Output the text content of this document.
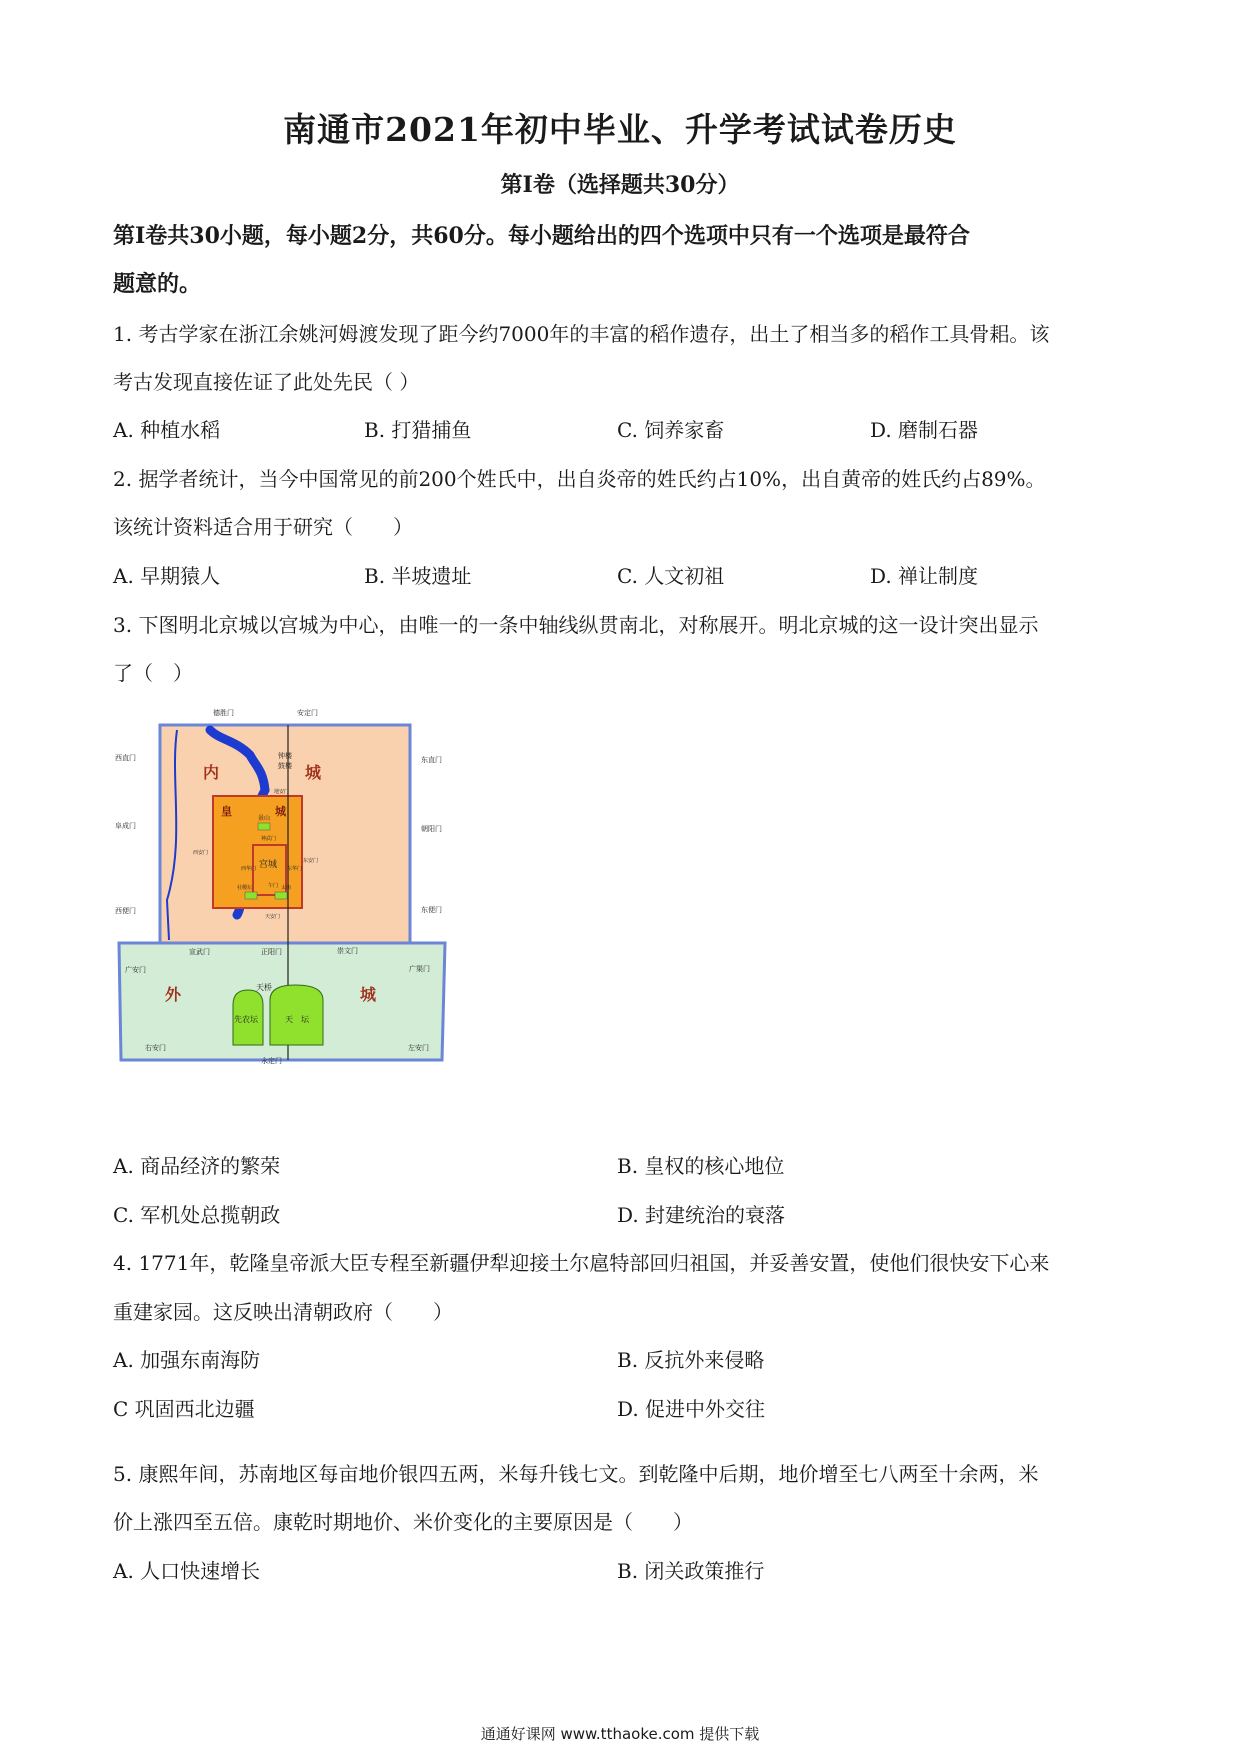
南通市2021年初中毕业、升学考试试卷历史
第Ⅰ卷（选择题共30分）
第Ⅰ卷共30小题，每小题2分，共60分。每小题给出的四个选项中只有一个选项是最符合
题意的。
1. 考古学家在浙江余姚河姆渡发现了距今约7000年的丰富的稻作遗存，出土了相当多的稻作工具骨耜。该
考古发现直接佐证了此处先民（ ）
A. 种植水稻	B. 打猎捕鱼	C. 饲养家畜	D. 磨制石器
2. 据学者统计，当今中国常见的前200个姓氏中，出自炎帝的姓氏约占10%，出自黄帝的姓氏约占89%。
该统计资料适合用于研究（　　）
A. 早期猿人	B. 半坡遗址	C. 人文初祖	D. 禅让制度
3. 下图明北京城以宫城为中心，由唯一的一条中轴线纵贯南北，对称展开。明北京城的这一设计突出显示
了（　）
内	城
皇	城
宫城
外	城
钟楼
鼓楼
景山
天　坛
先农坛
天桥
德胜门	安定门
西直门	东直门
阜成门	朝阳门
西便门	东便门
宣武门	正阳门	崇文门
广安门	广渠门
右安门	左安门
永定门
地安门
西安门
东安门
天安门
午门
社稷坛	太庙
神武门
东华门
西华门
A. 商品经济的繁荣	B. 皇权的核心地位
C. 军机处总揽朝政	D. 封建统治的衰落
4. 1771年，乾隆皇帝派大臣专程至新疆伊犁迎接土尔扈特部回归祖国，并妥善安置，使他们很快安下心来
重建家园。这反映出清朝政府（　　）
A. 加强东南海防	B. 反抗外来侵略
C 巩固西北边疆	D. 促进中外交往
5. 康熙年间，苏南地区每亩地价银四五两，米每升钱七文。到乾隆中后期，地价增至七八两至十余两，米
价上涨四至五倍。康乾时期地价、米价变化的主要原因是（　　）
A. 人口快速增长	B. 闭关政策推行
通通好课网 www.tthaoke.com 提供下载
